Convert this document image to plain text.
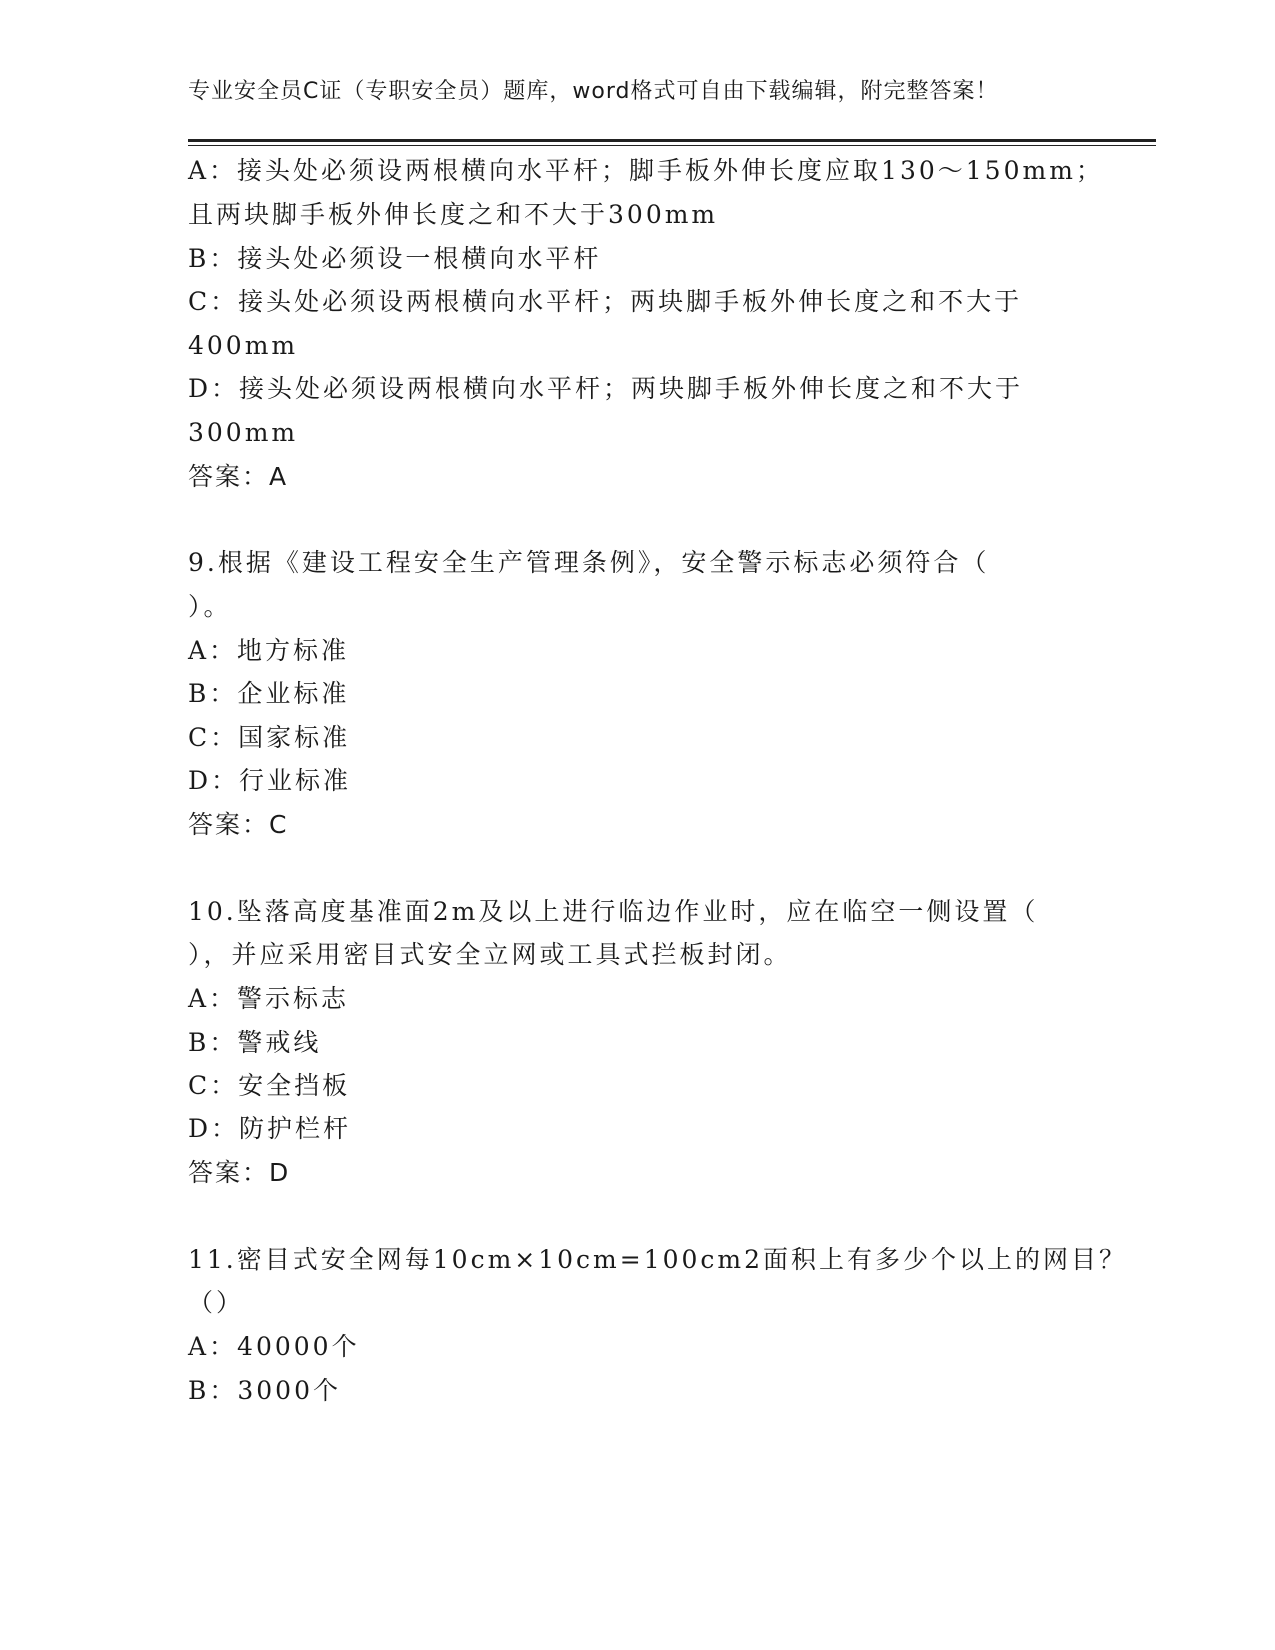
专业安全员C证（专职安全员）题库，word格式可自由下载编辑，附完整答案！
A：接头处必须设两根横向水平杆；脚手板外伸长度应取130～150mm；
且两块脚手板外伸长度之和不大于300mm
B：接头处必须设一根横向水平杆
C：接头处必须设两根横向水平杆；两块脚手板外伸长度之和不大于
400mm
D：接头处必须设两根横向水平杆；两块脚手板外伸长度之和不大于
300mm
答案：A
9.根据《建设工程安全生产管理条例》，安全警示标志必须符合（
）。
A：地方标准
B：企业标准
C：国家标准
D：行业标准
答案：C
10.坠落高度基准面2m及以上进行临边作业时，应在临空一侧设置（
），并应采用密目式安全立网或工具式拦板封闭。
A：警示标志
B：警戒线
C：安全挡板
D：防护栏杆
答案：D
11.密目式安全网每10cm×10cm=100cm2面积上有多少个以上的网目？
（）
A：40000个
B：3000个
